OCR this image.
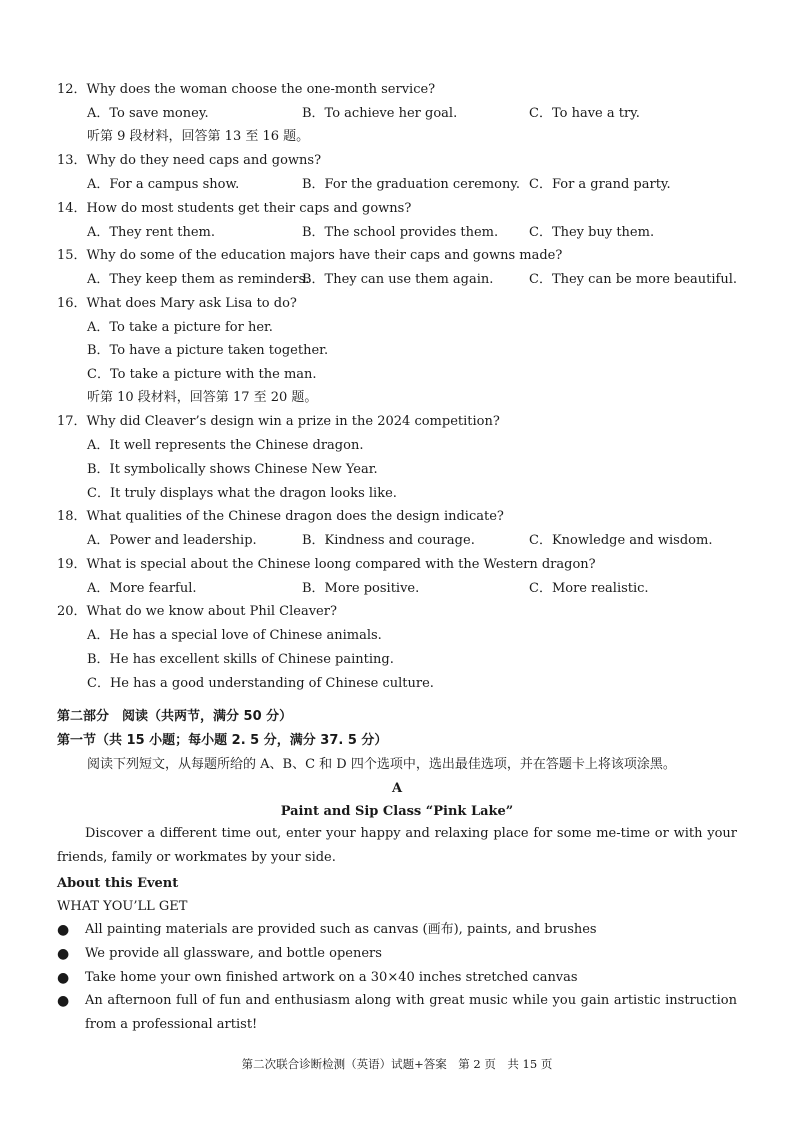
12．Why does the woman choose the one-month service?
A．To save money.	B．To achieve her goal.	C．To have a try.
听第 9 段材料，回答第 13 至 16 题。
13．Why do they need caps and gowns?
A．For a campus show.	B．For the graduation ceremony. C．For a grand party.
14．How do most students get their caps and gowns?
A．They rent them.	B．The school provides them. C．They buy them.
15．Why do some of the education majors have their caps and gowns made?
A．They keep them as reminders.
B．They can use them again.	C．They can be more beautiful.
16．What does Mary ask Lisa to do?
A．To take a picture for her.
B．To have a picture taken together.
C．To take a picture with the man.
听第 10 段材料，回答第 17 至 20 题。
17．Why did Cleaver’s design win a prize in the 2024 competition?
A．It well represents the Chinese dragon.
B．It symbolically shows Chinese New Year.
C．It truly displays what the dragon looks like.
18．What qualities of the Chinese dragon does the design indicate?
A．Power and leadership.	B．Kindness and courage.	C．Knowledge and wisdom.
19．What is special about the Chinese loong compared with the Western dragon?
A．More fearful.	B．More positive.	C．More realistic.
20．What do we know about Phil Cleaver?
A．He has a special love of Chinese animals.
B．He has excellent skills of Chinese painting.
C．He has a good understanding of Chinese culture.
第二部分　阅读（共两节，满分 50 分）
第一节（共 15 小题；每小题 2. 5 分，满分 37. 5 分）
阅读下列短文，从每题所给的 A、B、C 和 D 四个选项中，选出最佳选项，并在答题卡上将该项涂黑。
A
Paint and Sip Class “Pink Lake”
Discover a different time out, enter your happy and relaxing place for some me-time or with your friends, family or workmates by your side.
About this Event
WHAT YOU’LL GET
● All painting materials are provided such as canvas (画布), paints, and brushes
● We provide all glassware, and bottle openers
● Take home your own finished artwork on a 30×40 inches stretched canvas
● An afternoon full of fun and enthusiasm along with great music while you gain artistic instruction from a professional artist!
第二次联合诊断检测（英语）试题+答案　第 2 页　共 15 页
